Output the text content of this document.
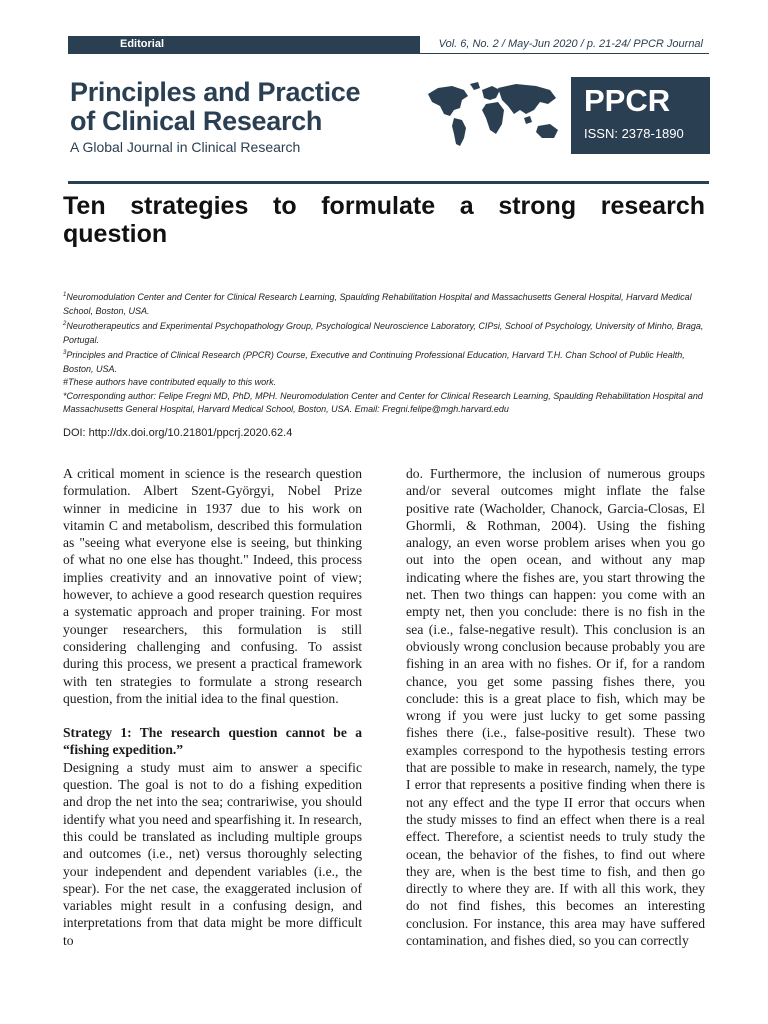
Editorial	Vol. 6, No. 2 / May-Jun 2020 / p. 21-24/ PPCR Journal
Principles and Practice
of Clinical Research
A Global Journal in Clinical Research
PPCR
ISSN: 2378-1890
Ten strategies to formulate a strong research question

$^1$Neuromodulation Center and Center for Clinical Research Learning, Spaulding Rehabilitation Hospital and Massachusetts General Hospital, Harvard Medical School, Boston, USA.

$^2$Neurotherapeutics and Experimental Psychopathology Group, Psychological Neuroscience Laboratory, CIPsi, School of Psychology, University of Minho, Braga, Portugal.

$^3$Principles and Practice of Clinical Research (PPCR) Course, Executive and Continuing Professional Education, Harvard T.H. Chan School of Public Health, Boston, USA.

#These authors have contributed equally to this work.

*Corresponding author: Felipe Fregni MD, PhD, MPH. Neuromodulation Center and Center for Clinical Research Learning, Spaulding Rehabilitation Hospital and Massachusetts General Hospital, Harvard Medical School, Boston, USA. Email: Fregni.felipe@mgh.harvard.edu

DOI: http://dx.doi.org/10.21801/ppcrj.2020.62.4

A critical moment in science is the research question formulation. Albert Szent-Györgyi, Nobel Prize winner in medicine in 1937 due to his work on vitamin C and metabolism, described this formulation as "seeing what everyone else is seeing, but thinking of what no one else has thought." Indeed, this process implies creativity and an innovative point of view; however, to achieve a good research question requires a systematic approach and proper training. For most younger researchers, this formulation is still considering challenging and confusing. To assist during this process, we present a practical framework with ten strategies to formulate a strong research question, from the initial idea to the final question.

Strategy 1: The research question cannot be a “fishing expedition.”

Designing a study must aim to answer a specific question. The goal is not to do a fishing expedition and drop the net into the sea; contrariwise, you should identify what you need and spearfishing it. In research, this could be translated as including multiple groups and outcomes (i.e., net) versus thoroughly selecting your independent and dependent variables (i.e., the spear). For the net case, the exaggerated inclusion of variables might result in a confusing design, and interpretations from that data might be more difficult to

do. Furthermore, the inclusion of numerous groups and/or several outcomes might inflate the false positive rate (Wacholder, Chanock, Garcia-Closas, El Ghormli, & Rothman, 2004). Using the fishing analogy, an even worse problem arises when you go out into the open ocean, and without any map indicating where the fishes are, you start throwing the net. Then two things can happen: you come with an empty net, then you conclude: there is no fish in the sea (i.e., false-negative result). This conclusion is an obviously wrong conclusion because probably you are fishing in an area with no fishes. Or if, for a random chance, you get some passing fishes there, you conclude: this is a great place to fish, which may be wrong if you were just lucky to get some passing fishes there (i.e., false-positive result). These two examples correspond to the hypothesis testing errors that are possible to make in research, namely, the type I error that represents a positive finding when there is not any effect and the type II error that occurs when the study misses to find an effect when there is a real effect. Therefore, a scientist needs to truly study the ocean, the behavior of the fishes, to find out where they are, when is the best time to fish, and then go directly to where they are. If with all this work, they do not find fishes, this becomes an interesting conclusion. For instance, this area may have suffered contamination, and fishes died, so you can correctly
